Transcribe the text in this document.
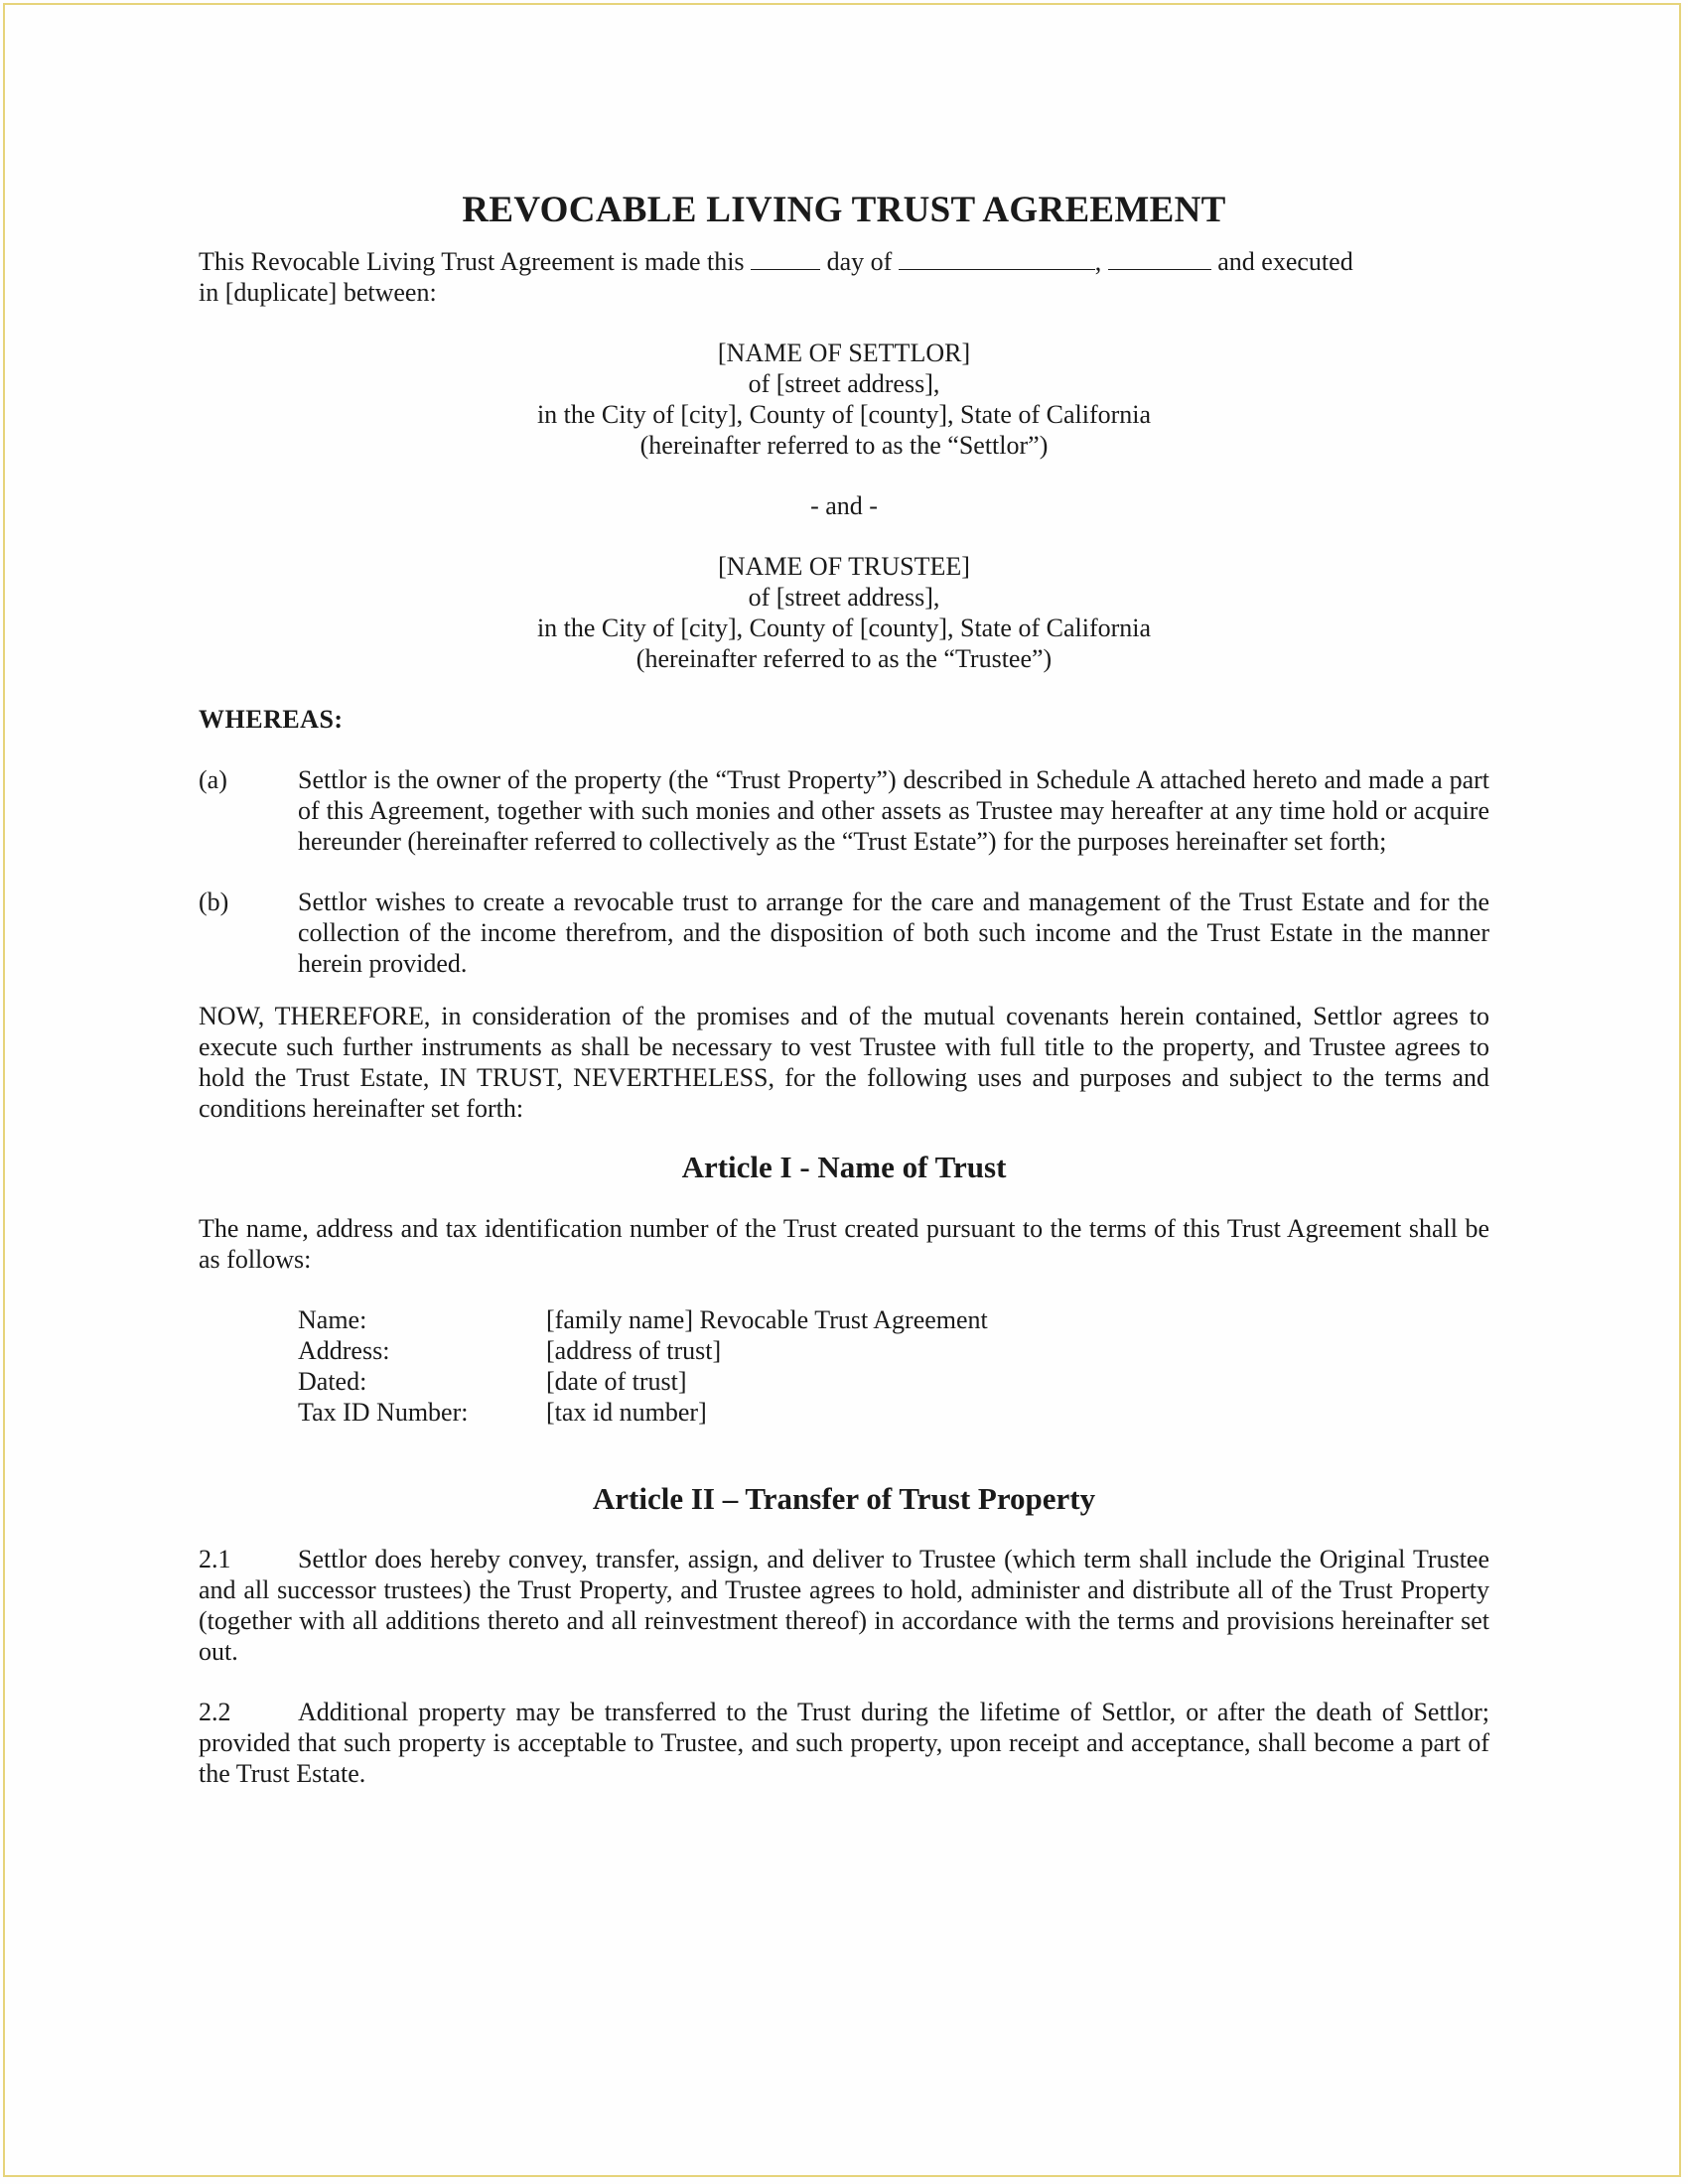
REVOCABLE LIVING TRUST AGREEMENT

This Revocable Living Trust Agreement is made this	day of	,	and executed
in [duplicate] between:

[NAME OF SETTLOR]

of [street address],

in the City of [city], County of [county], State of California

(hereinafter referred to as the “Settlor”)

- and -

[NAME OF TRUSTEE]

of [street address],

in the City of [city], County of [county], State of California

(hereinafter referred to as the “Trustee”)

WHEREAS:

(a)	Settlor is the owner of the property (the “Trust Property”) described in Schedule A attached hereto and made a part of this Agreement, together with such monies and other assets as Trustee may hereafter at any time hold or acquire hereunder (hereinafter referred to collectively as the “Trust Estate”) for the purposes hereinafter set forth;
(b)	Settlor wishes to create a revocable trust to arrange for the care and management of the Trust Estate and for the collection of the income therefrom, and the disposition of both such income and the Trust Estate in the manner herein provided.

NOW, THEREFORE, in consideration of the promises and of the mutual covenants herein contained, Settlor agrees to execute such further instruments as shall be necessary to vest Trustee with full title to the property, and Trustee agrees to hold the Trust Estate, IN TRUST, NEVERTHELESS, for the following uses and purposes and subject to the terms and conditions hereinafter set forth:

Article I - Name of Trust

The name, address and tax identification number of the Trust created pursuant to the terms of this Trust Agreement shall be as follows:

Name:	[family name] Revocable Trust Agreement
Address:	[address of trust]
Dated:	[date of trust]
Tax ID Number:	[tax id number]
Article II – Transfer of Trust Property

2.1	Settlor does hereby convey, transfer, assign, and deliver to Trustee (which term shall include the Original Trustee and all successor trustees) the Trust Property, and Trustee agrees to hold, administer and distribute all of the Trust Property (together with all additions thereto and all reinvestment thereof) in accordance with the terms and provisions hereinafter set out.

2.2	Additional property may be transferred to the Trust during the lifetime of Settlor, or after the death of Settlor; provided that such property is acceptable to Trustee, and such property, upon receipt and acceptance, shall become a part of the Trust Estate.
